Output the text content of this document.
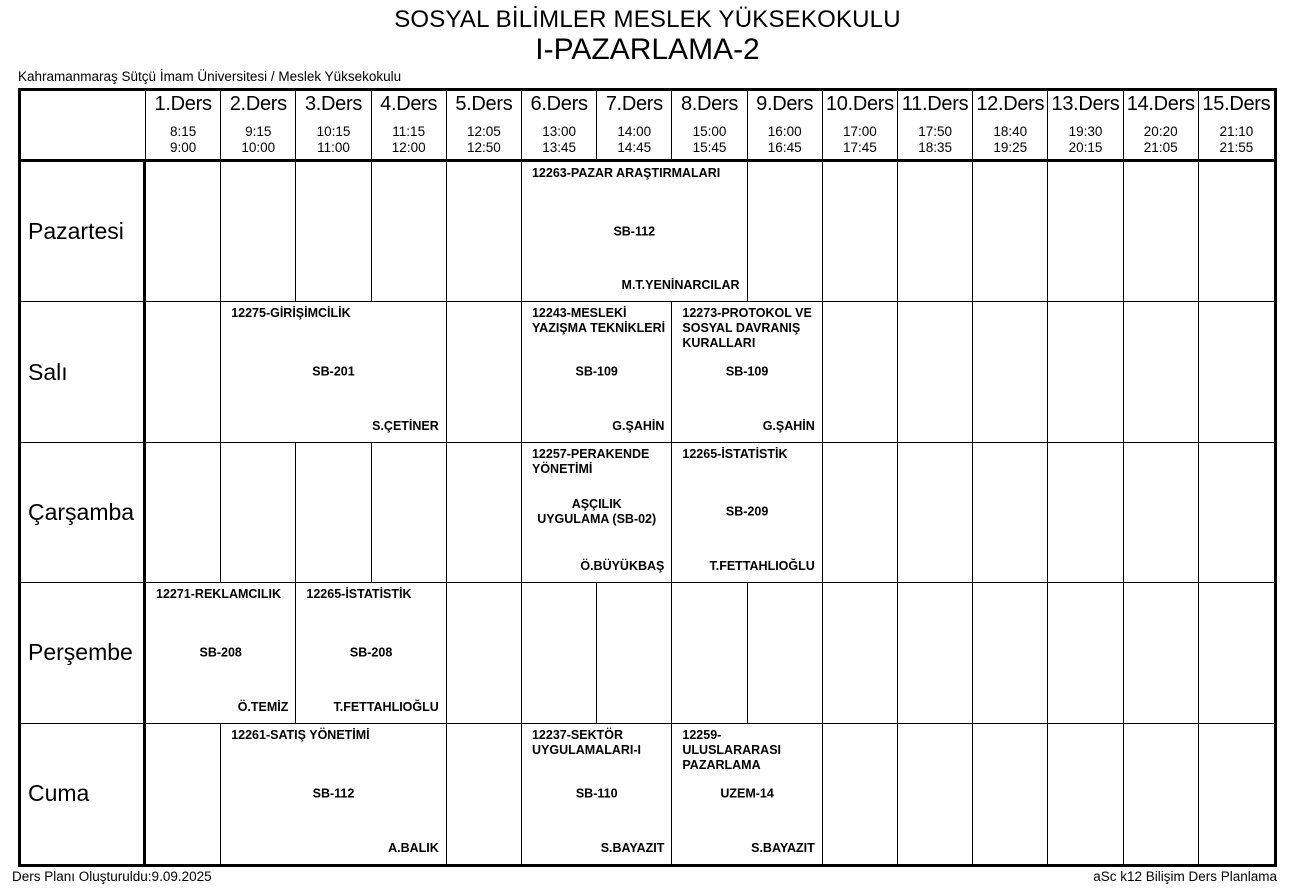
SOSYAL BİLİMLER MESLEK YÜKSEKOKULU
I-PAZARLAMA-2
Kahramanmaraş Sütçü İmam Üniversitesi / Meslek Yüksekokulu
1.Ders
8:15
9:00
2.Ders
9:15
10:00
3.Ders
10:15
11:00
4.Ders
11:15
12:00
5.Ders
12:05
12:50
6.Ders
13:00
13:45
7.Ders
14:00
14:45
8.Ders
15:00
15:45
9.Ders
16:00
16:45
10.Ders
17:00
17:45
11.Ders
17:50
18:35
12.Ders
18:40
19:25
13.Ders
19:30
20:15
14.Ders
20:20
21:05
15.Ders
21:10
21:55
Pazartesi
12263-PAZAR ARAŞTIRMALARI
SB-112
M.T.YENİNARCILAR
Salı
12275-GİRİŞİMCİLİK
SB-201
S.ÇETİNER
12243-MESLEKİ YAZIŞMA TEKNİKLERİ
SB-109
G.ŞAHİN
12273-PROTOKOL VE SOSYAL DAVRANIŞ KURALLARI
SB-109
G.ŞAHİN
Çarşamba
12257-PERAKENDE YÖNETİMİ
AŞÇILIK UYGULAMA (SB-02)
Ö.BÜYÜKBAŞ
12265-İSTATİSTİK
SB-209
T.FETTAHLIOĞLU
Perşembe
12271-REKLAMCILIK
SB-208
Ö.TEMİZ
12265-İSTATİSTİK
SB-208
T.FETTAHLIOĞLU
Cuma
12261-SATIŞ YÖNETİMİ
SB-112
A.BALIK
12237-SEKTÖR UYGULAMALARI-I
SB-110
S.BAYAZIT
12259-ULUSLARARASI PAZARLAMA
UZEM-14
S.BAYAZIT
Ders Planı Oluşturuldu:9.09.2025	aSc k12 Bilişim Ders Planlama
